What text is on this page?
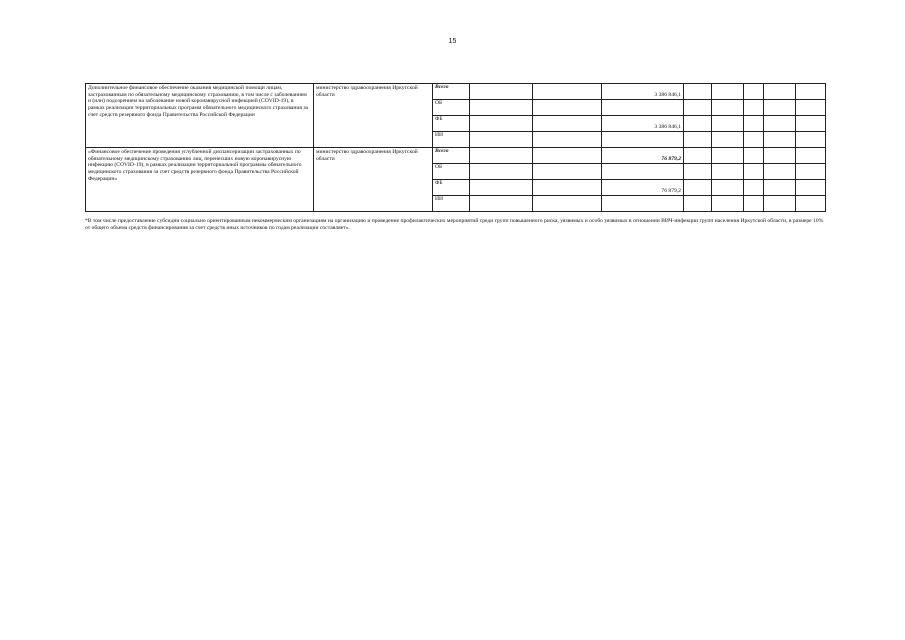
15
Дополнительное финансовое обеспечение оказания медицинской помощи лицам, застрахованным по обязательному медицинскому страхованию, в том числе с заболеванием и (или) подозрением на заболевание новой коронавирусной инфекцией (COVID-19), в рамках реализации территориальных программ обязательного медицинского страхования за счет средств резервного фонда Правительства Российской Федерации	министерство здравоохранения Иркутской области	Всего			3 386 846,1					
		ОБ								
		ФБ			3 386 846,1					
		ИИ								
«Финансовое обеспечение проведения углубленной диспансеризации застрахованных по обязательному медицинскому страхованию лиц, перенесших новую коронавирусную инфекцию (COVID-19), в рамках реализации территориальной программы обязательного медицинского страхования за счет средств резервного фонда Правительства Российской Федерации»	министерство здравоохранения Иркутской области	Всего			76 879,2					
		ОБ								
		ФБ			76 879,2					
		ИИ								
*В том числе предоставление субсидии социально ориентированным некоммерческим организациям на организацию и проведение профилактических мероприятий среди групп повышенного риска, уязвимых и особо уязвимых в отношении ВИЧ-инфекции групп населения Иркутской области, в размере 10% от общего объема средств финансирования за счет средств иных источников по годам реализации составляет».
